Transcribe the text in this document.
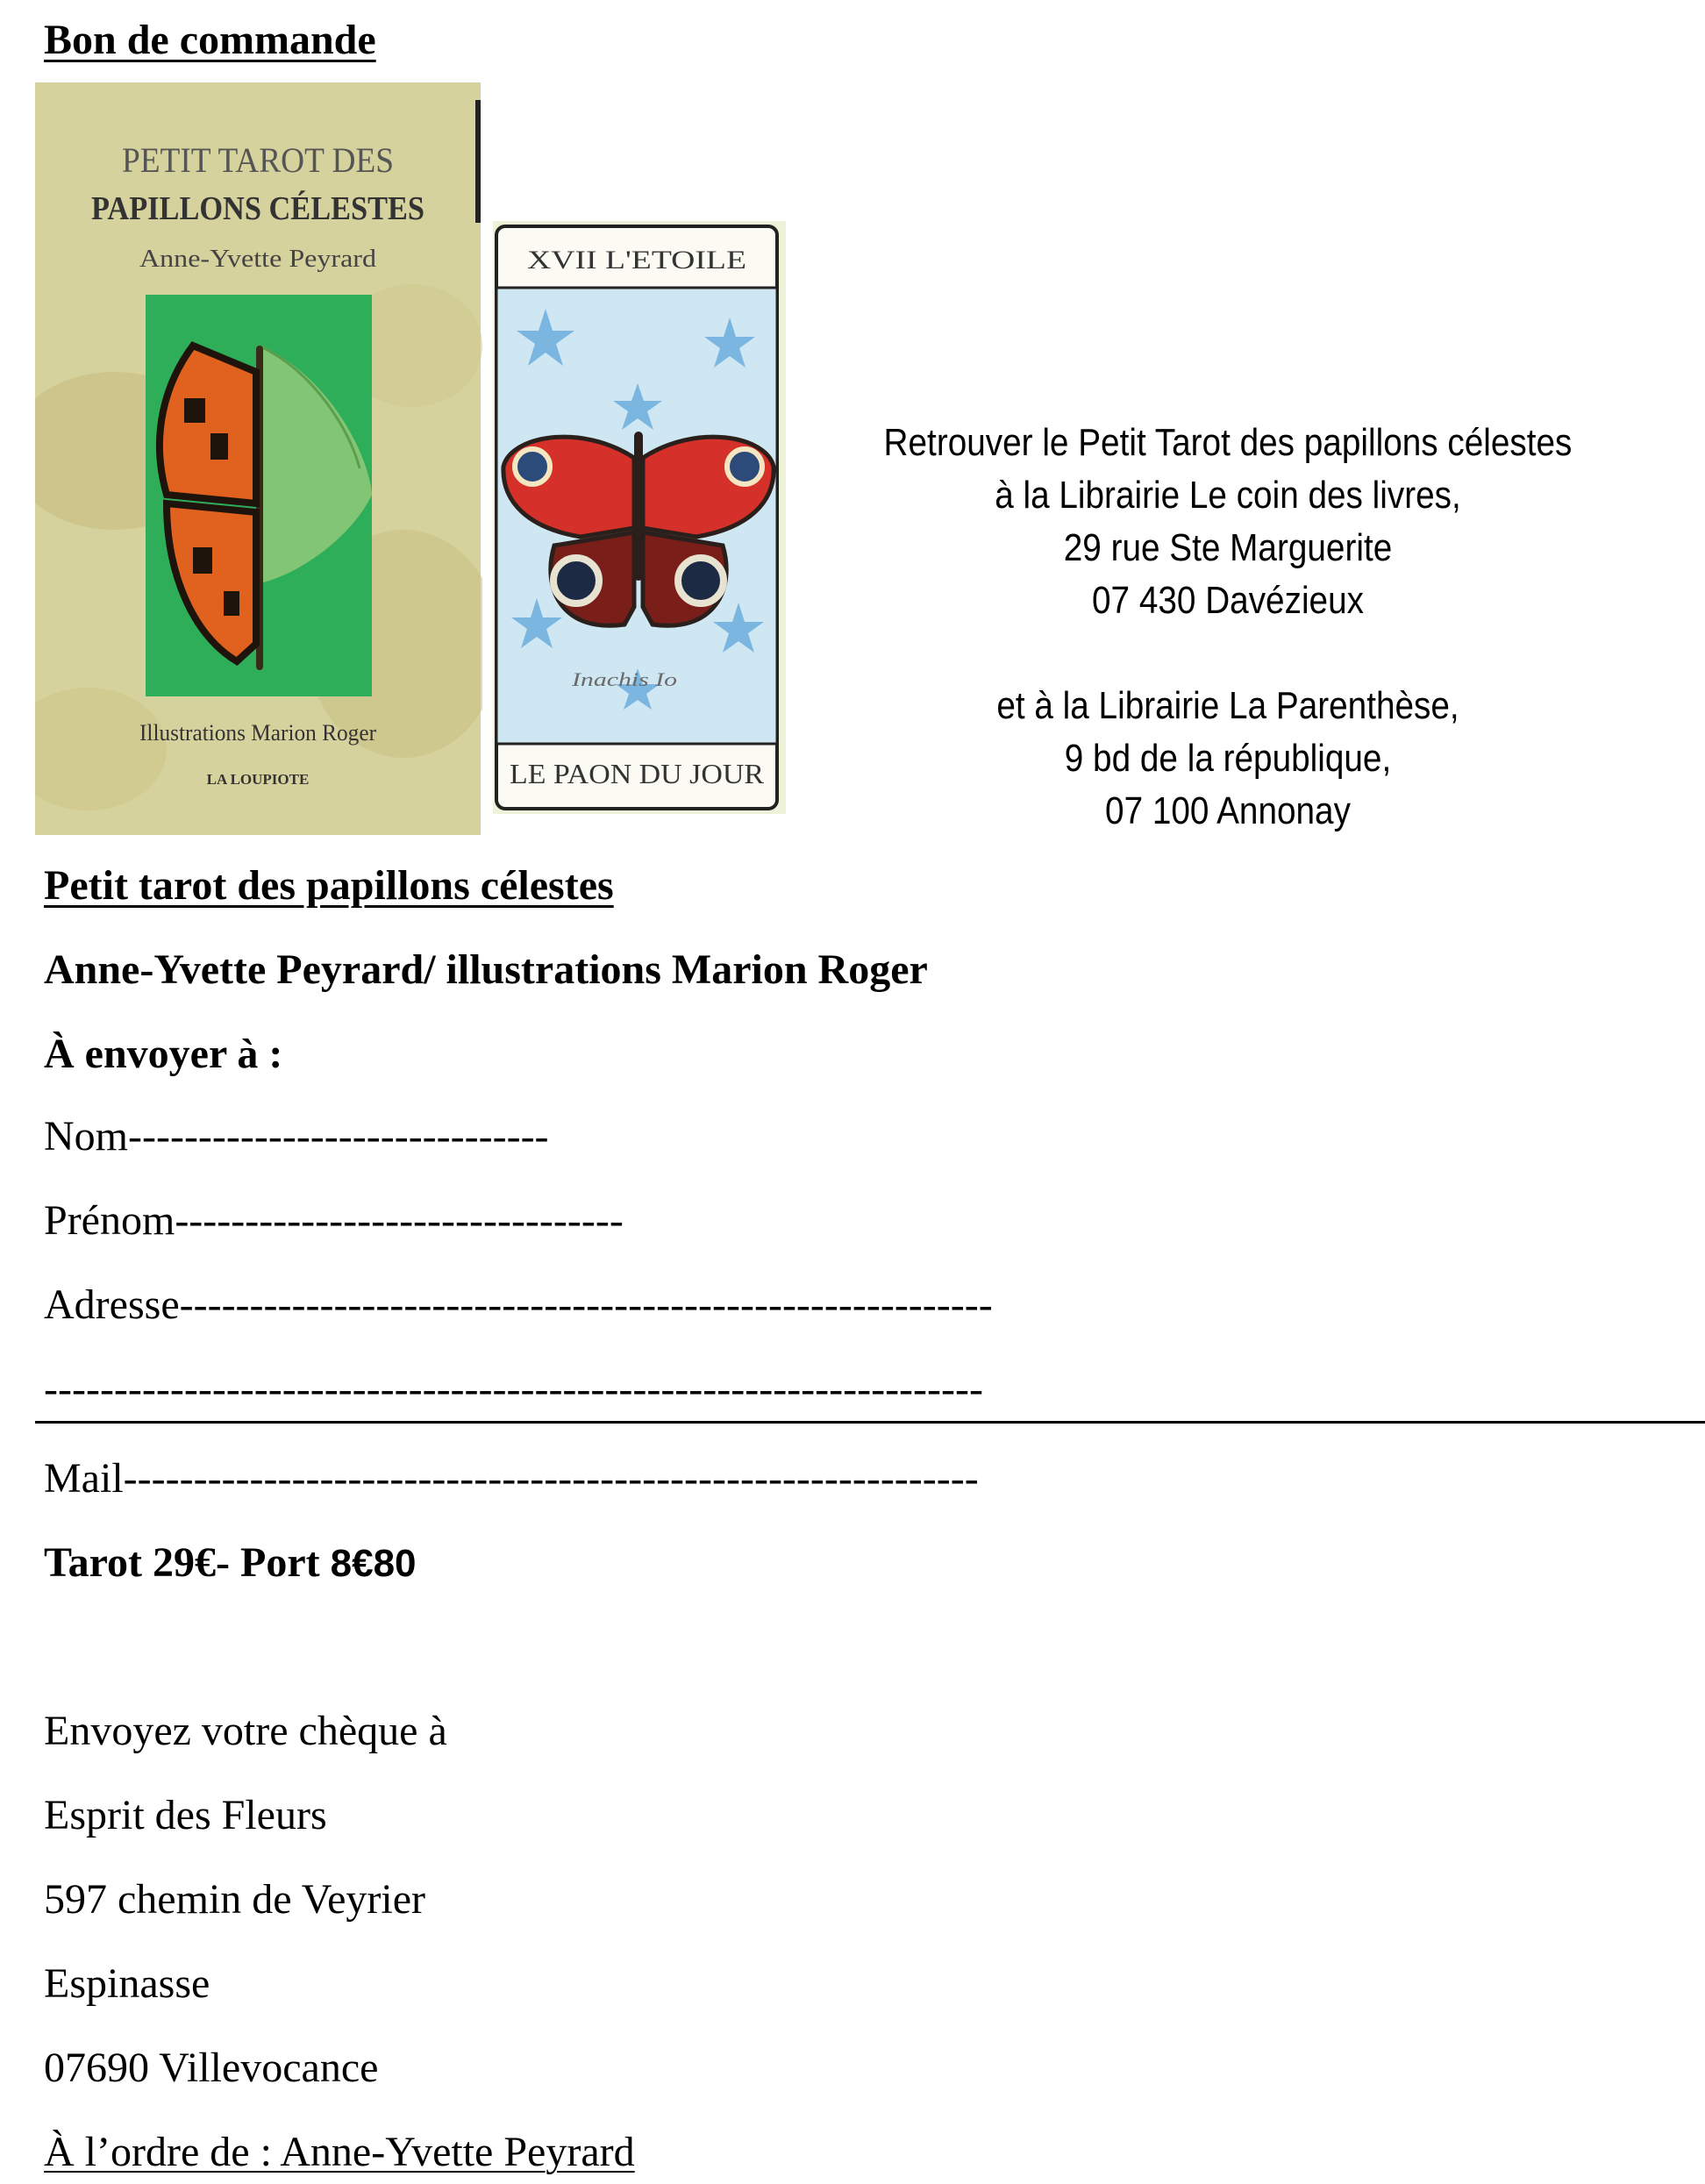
Bon de commande
PETIT TAROT DES
PAPILLONS CÉLESTES
Anne-Yvette Peyrard
Illustrations Marion Roger
LA LOUPIOTE
XVII L'ETOILE
Inachis Io
LE PAON DU JOUR
Retrouver le Petit Tarot des papillons célestes
à la Librairie Le coin des livres,
29 rue Ste Marguerite
07 430 Davézieux
et à la Librairie La Parenthèse,
9 bd de la république,
07 100 Annonay
Petit tarot des papillons célestes
Anne-Yvette Peyrard/ illustrations Marion Roger
À envoyer à :
Nom------------------------------
Prénom--------------------------------
Adresse----------------------------------------------------------
-------------------------------------------------------------------
Mail-------------------------------------------------------------
Tarot 29€- Port 8€80
Envoyez votre chèque à
Esprit des Fleurs
597 chemin de Veyrier
Espinasse
07690 Villevocance
À l’ordre de : Anne-Yvette Peyrard
